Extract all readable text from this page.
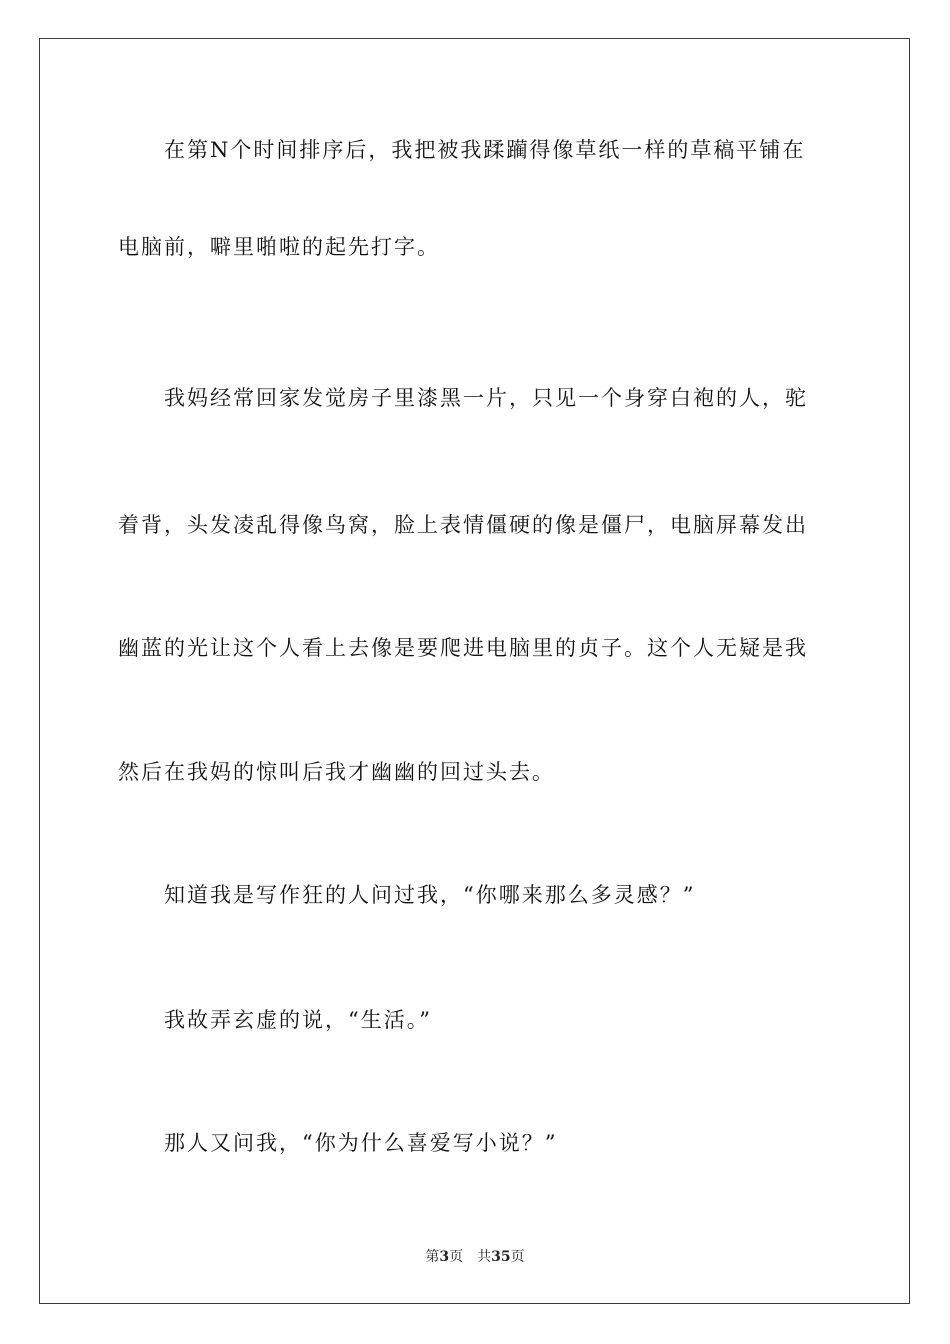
在第N个时间排序后，我把被我蹂躏得像草纸一样的草稿平铺在

电脑前，噼里啪啦的起先打字。

我妈经常回家发觉房子里漆黑一片，只见一个身穿白袍的人，驼

着背，头发凌乱得像鸟窝，脸上表情僵硬的像是僵尸，电脑屏幕发出

幽蓝的光让这个人看上去像是要爬进电脑里的贞子。这个人无疑是我

然后在我妈的惊叫后我才幽幽的回过头去。

知道我是写作狂的人问过我，“你哪来那么多灵感？”

我故弄玄虚的说，“生活。”

那人又问我，“你为什么喜爱写小说？”

第3页 共35页
